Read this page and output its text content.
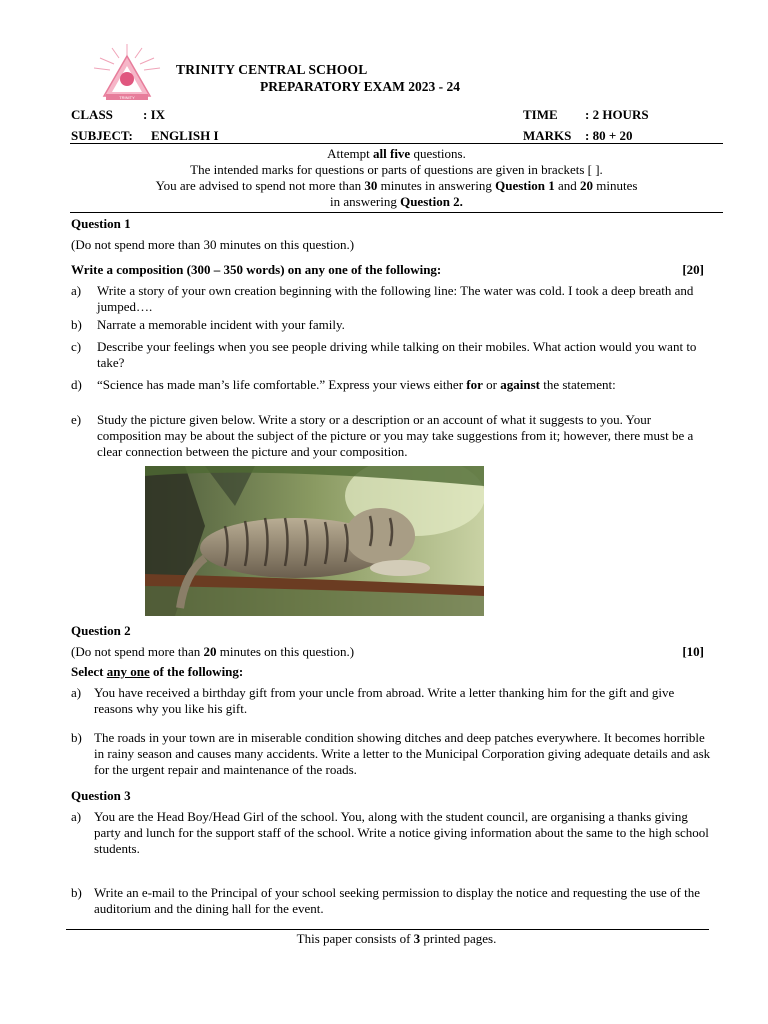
TRINITY
TRINITY CENTRAL SCHOOL
PREPARATORY EXAM 2023 - 24
CLASS : IX	TIME : 2 HOURS
SUBJECT: ENGLISH I	MARKS : 80 + 20
Attempt all five questions.
The intended marks for questions or parts of questions are given in brackets [ ].
You are advised to spend not more than 30 minutes in answering Question 1 and 20 minutes
in answering Question 2.
Question 1
(Do not spend more than 30 minutes on this question.)
Write a composition (300 – 350 words) on any one of the following:	[20]
a) Write a story of your own creation beginning with the following line: The water was cold. I took a deep breath and jumped….
b) Narrate a memorable incident with your family.
c) Describe your feelings when you see people driving while talking on their mobiles. What action would you want to take?
d) “Science has made man’s life comfortable.” Express your views either for or against the statement:
e) Study the picture given below. Write a story or a description or an account of what it suggests to you. Your composition may be about the subject of the picture or you may take suggestions from it; however, there must be a clear connection between the picture and your composition.
Question 2
(Do not spend more than 20 minutes on this question.)	[10]
Select any one of the following:
a) You have received a birthday gift from your uncle from abroad. Write a letter thanking him for the gift and give reasons why you like his gift.
b) The roads in your town are in miserable condition showing ditches and deep patches everywhere. It becomes horrible in rainy season and causes many accidents. Write a letter to the Municipal Corporation giving adequate details and ask for the urgent repair and maintenance of the roads.
Question 3
a) You are the Head Boy/Head Girl of the school. You, along with the student council, are organising a thanks giving party and lunch for the support staff of the school. Write a notice giving information about the same to the high school students.
b) Write an e-mail to the Principal of your school seeking permission to display the notice and requesting the use of the auditorium and the dining hall for the event.
This paper consists of 3 printed pages.
